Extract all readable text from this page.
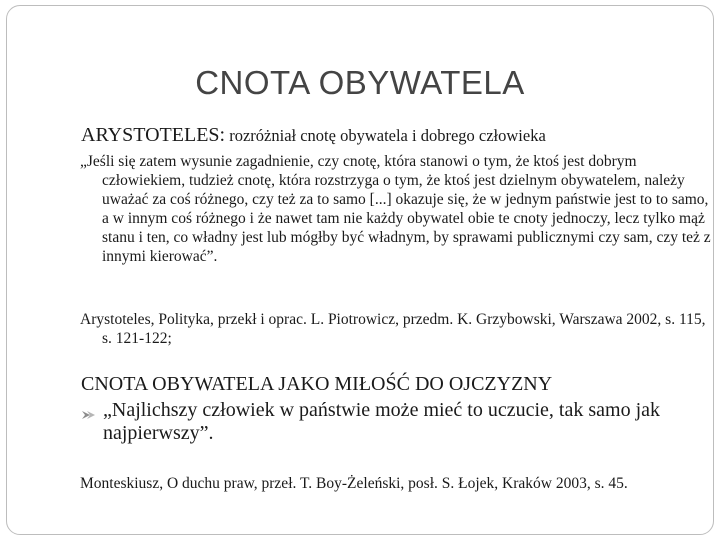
CNOTA OBYWATELA
ARYSTOTELES: rozróżniał cnotę obywatela i dobrego człowieka
„Jeśli się zatem wysunie zagadnienie, czy cnotę, która stanowi o tym, że ktoś jest dobrym człowiekiem, tudzież cnotę, która rozstrzyga o tym, że ktoś jest dzielnym obywatelem, należy uważać za coś różnego, czy też za to samo [...] okazuje się, że w jednym państwie jest to to samo, a w innym coś różnego i że nawet tam nie każdy obywatel obie te cnoty jednoczy, lecz tylko mąż stanu i ten, co władny jest lub mógłby być władnym, by sprawami publicznymi czy sam, czy też z innymi kierować”.
Arystoteles, Polityka, przekł i oprac. L. Piotrowicz, przedm. K. Grzybowski, Warszawa 2002, s. 115, s. 121-122;
CNOTA OBYWATELA JAKO MIŁOŚĆ DO OJCZYZNY
„Najlichszy człowiek w państwie może mieć to uczucie, tak samo jak najpierwszy”.
Monteskiusz, O duchu praw, przeł. T. Boy-Żeleński, posł. S. Łojek, Kraków 2003, s. 45.
